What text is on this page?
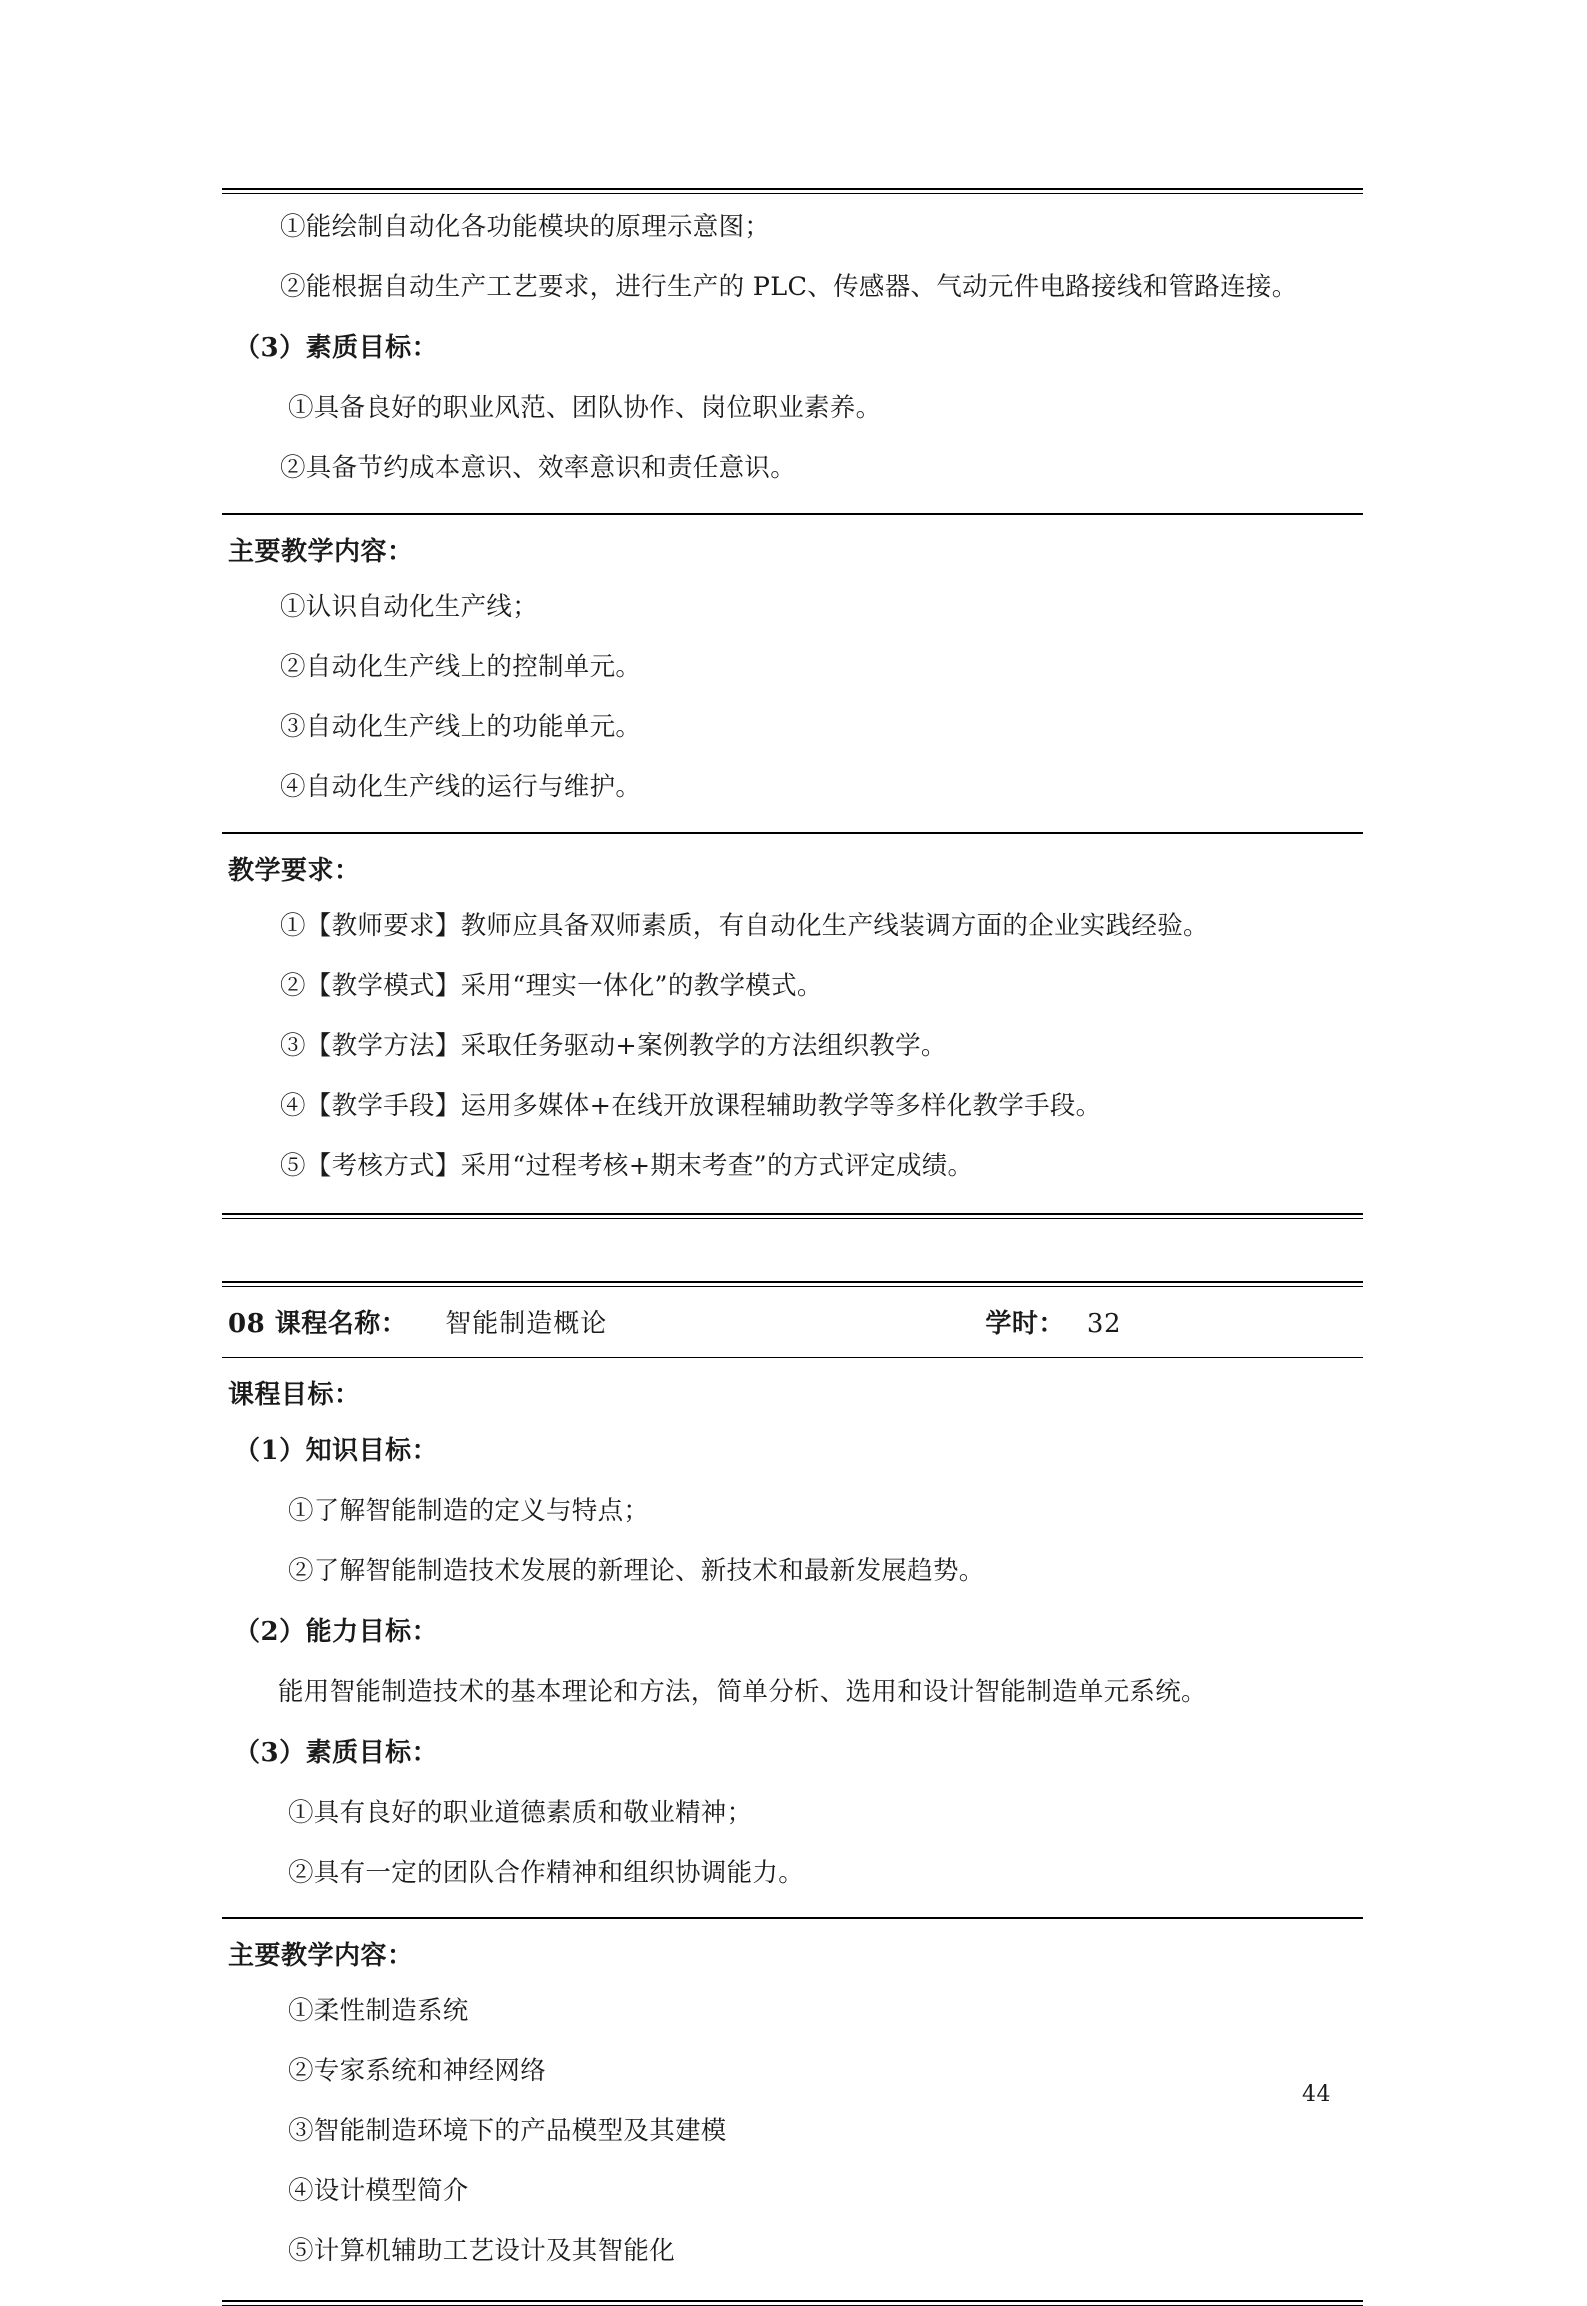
①能绘制自动化各功能模块的原理示意图；
②能根据自动生产工艺要求，进行生产的 PLC、传感器、气动元件电路接线和管路连接。
（3）素质目标：
①具备良好的职业风范、团队协作、岗位职业素养。
②具备节约成本意识、效率意识和责任意识。
主要教学内容：
①认识自动化生产线；
②自动化生产线上的控制单元。
③自动化生产线上的功能单元。
④自动化生产线的运行与维护。
教学要求：
①【教师要求】教师应具备双师素质，有自动化生产线装调方面的企业实践经验。
②【教学模式】采用“理实一体化”的教学模式。
③【教学方法】采取任务驱动+案例教学的方法组织教学。
④【教学手段】运用多媒体+在线开放课程辅助教学等多样化教学手段。
⑤【考核方式】采用“过程考核+期末考查”的方式评定成绩。
08 课程名称： 智能制造概论	学时： 32
课程目标：
（1）知识目标：
①了解智能制造的定义与特点；
②了解智能制造技术发展的新理论、新技术和最新发展趋势。
（2）能力目标：
能用智能制造技术的基本理论和方法，简单分析、选用和设计智能制造单元系统。
（3）素质目标：
①具有良好的职业道德素质和敬业精神；
②具有一定的团队合作精神和组织协调能力。
主要教学内容：
①柔性制造系统
②专家系统和神经网络
③智能制造环境下的产品模型及其建模
④设计模型简介
⑤计算机辅助工艺设计及其智能化
44
